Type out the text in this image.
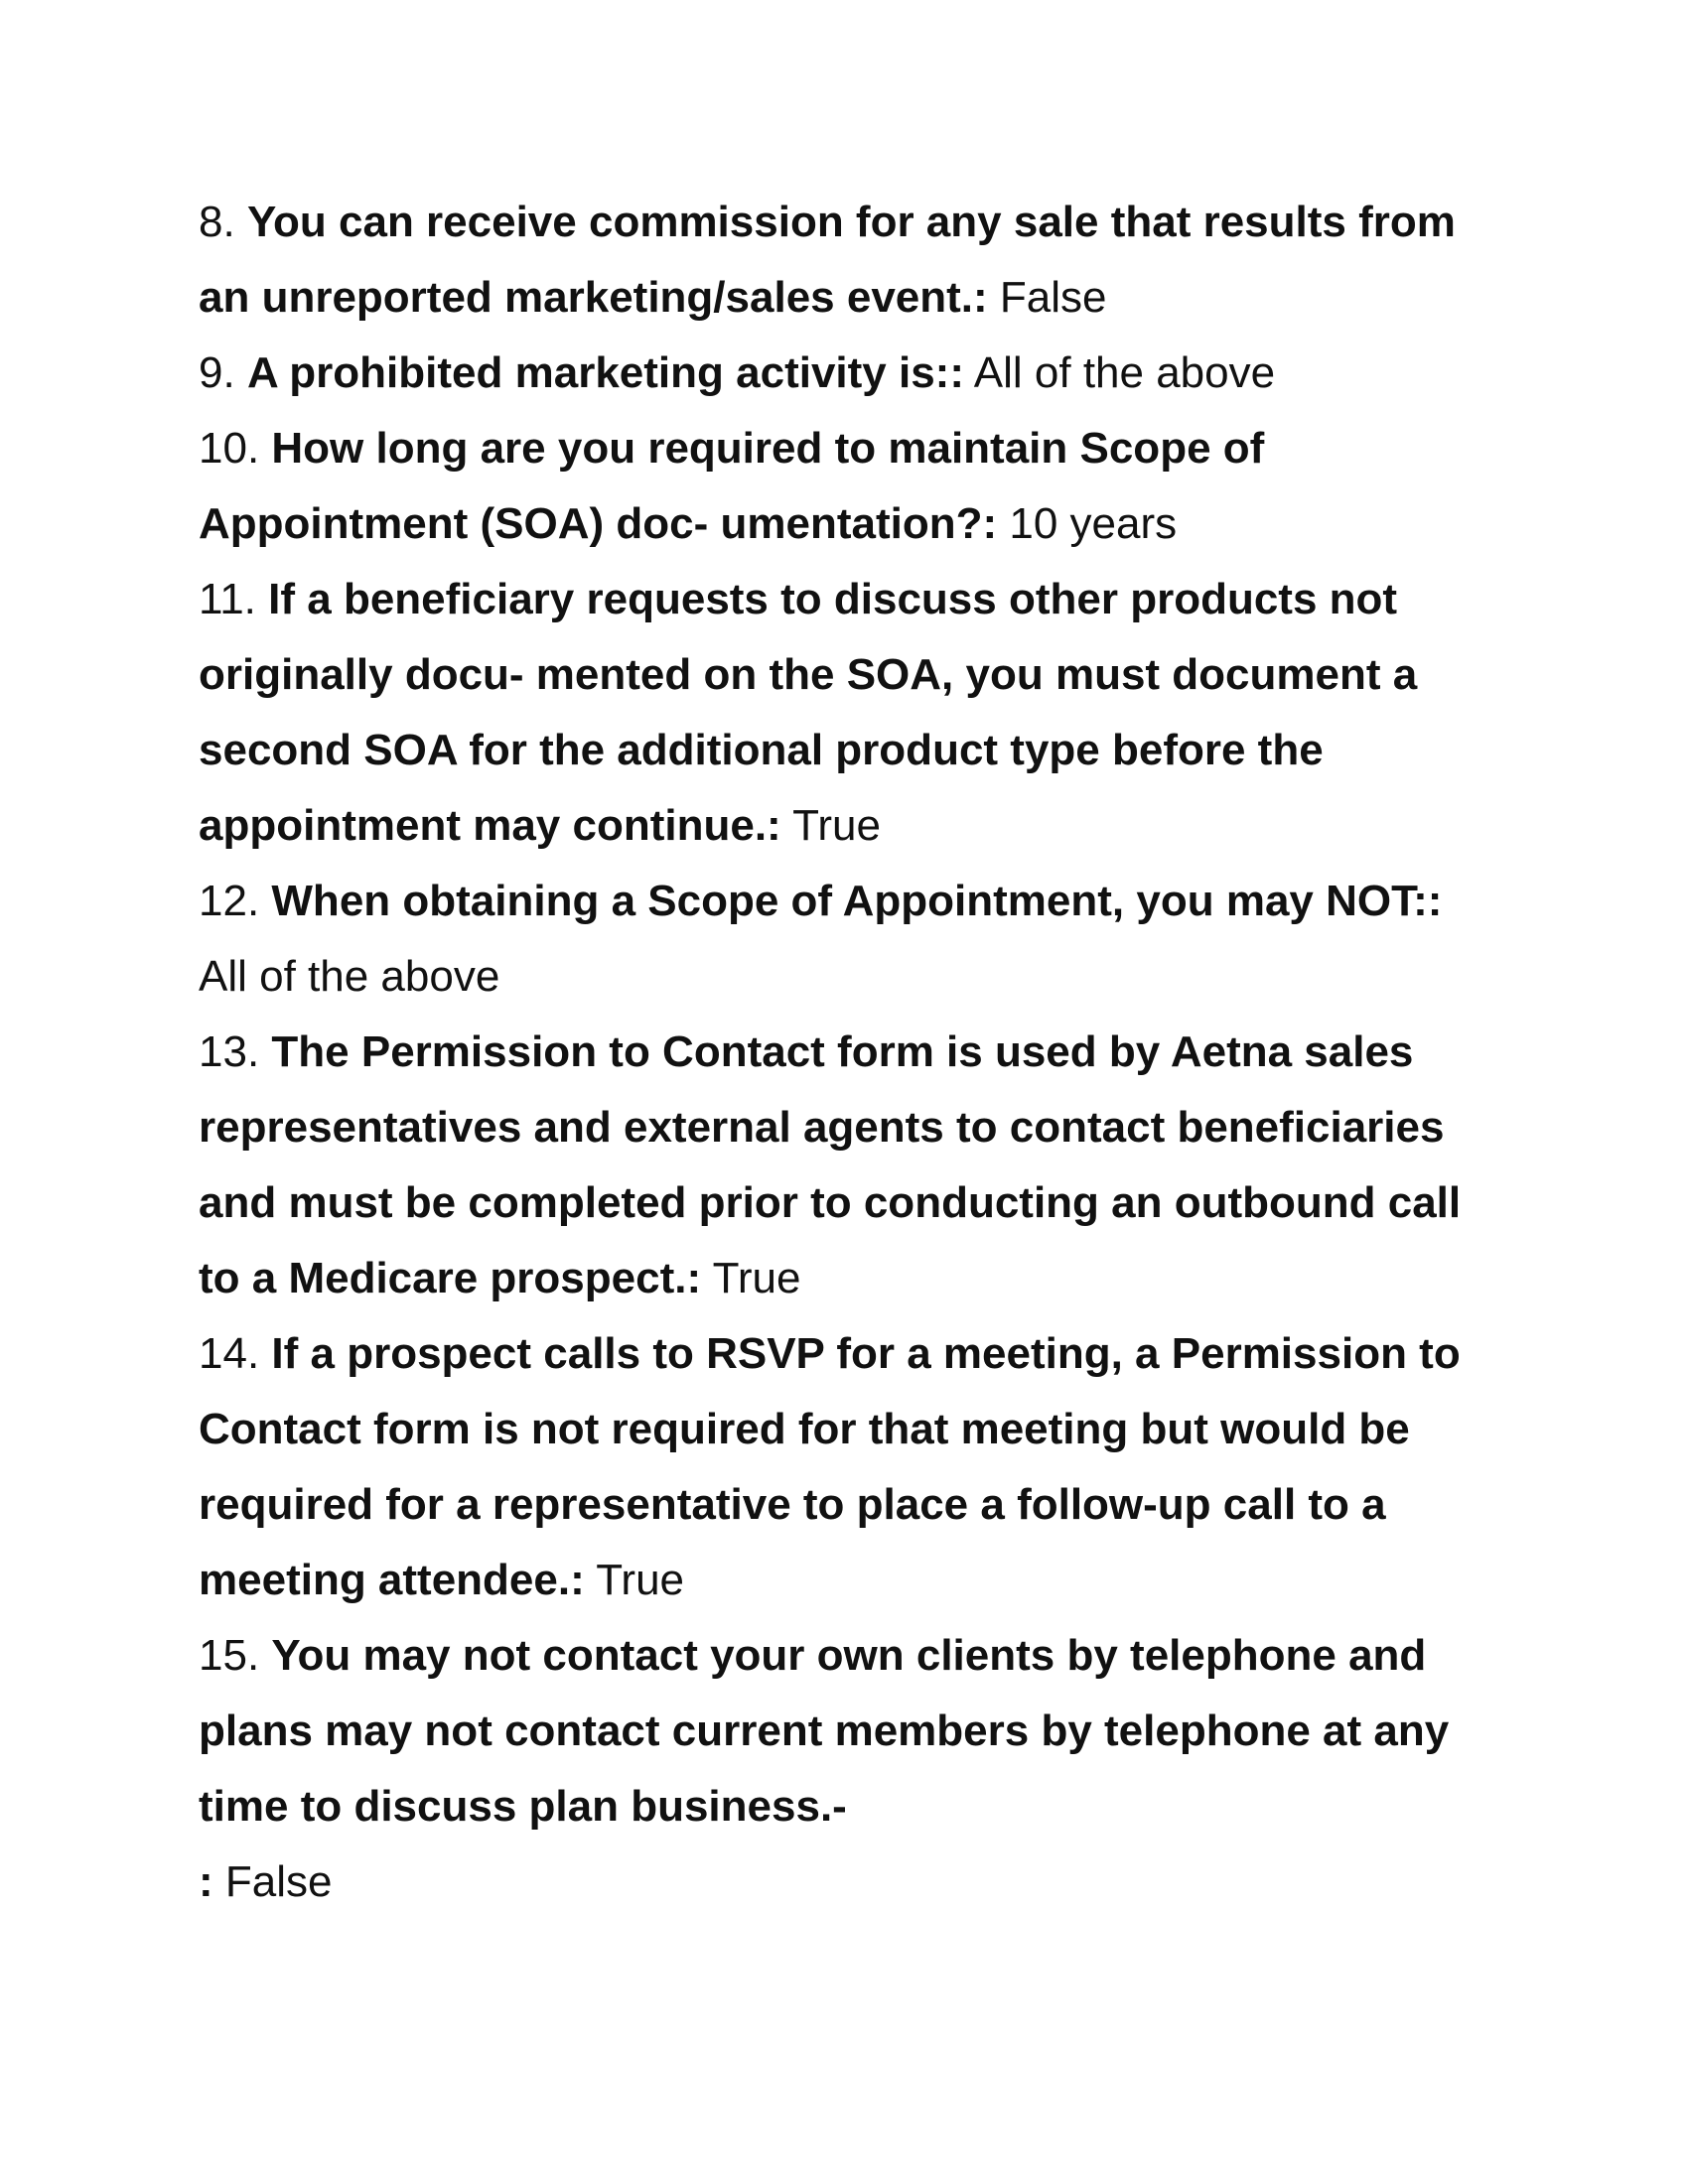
8. You can receive commission for any sale that results from an unreported marketing/sales event.: False

9. A prohibited marketing activity is:: All of the above

10. How long are you required to maintain Scope of Appointment (SOA) doc- umentation?: 10 years

11. If a beneficiary requests to discuss other products not originally docu- mented on the SOA, you must document a second SOA for the additional product type before the appointment may continue.: True

12. When obtaining a Scope of Appointment, you may NOT:: All of the above

13. The Permission to Contact form is used by Aetna sales representatives and external agents to contact beneficiaries and must be completed prior to conducting an outbound call to a Medicare prospect.: True

14. If a prospect calls to RSVP for a meeting, a Permission to Contact form is not required for that meeting but would be required for a representative to place a follow-up call to a meeting attendee.: True

15. You may not contact your own clients by telephone and plans may not contact current members by telephone at any time to discuss plan business.-

: False
